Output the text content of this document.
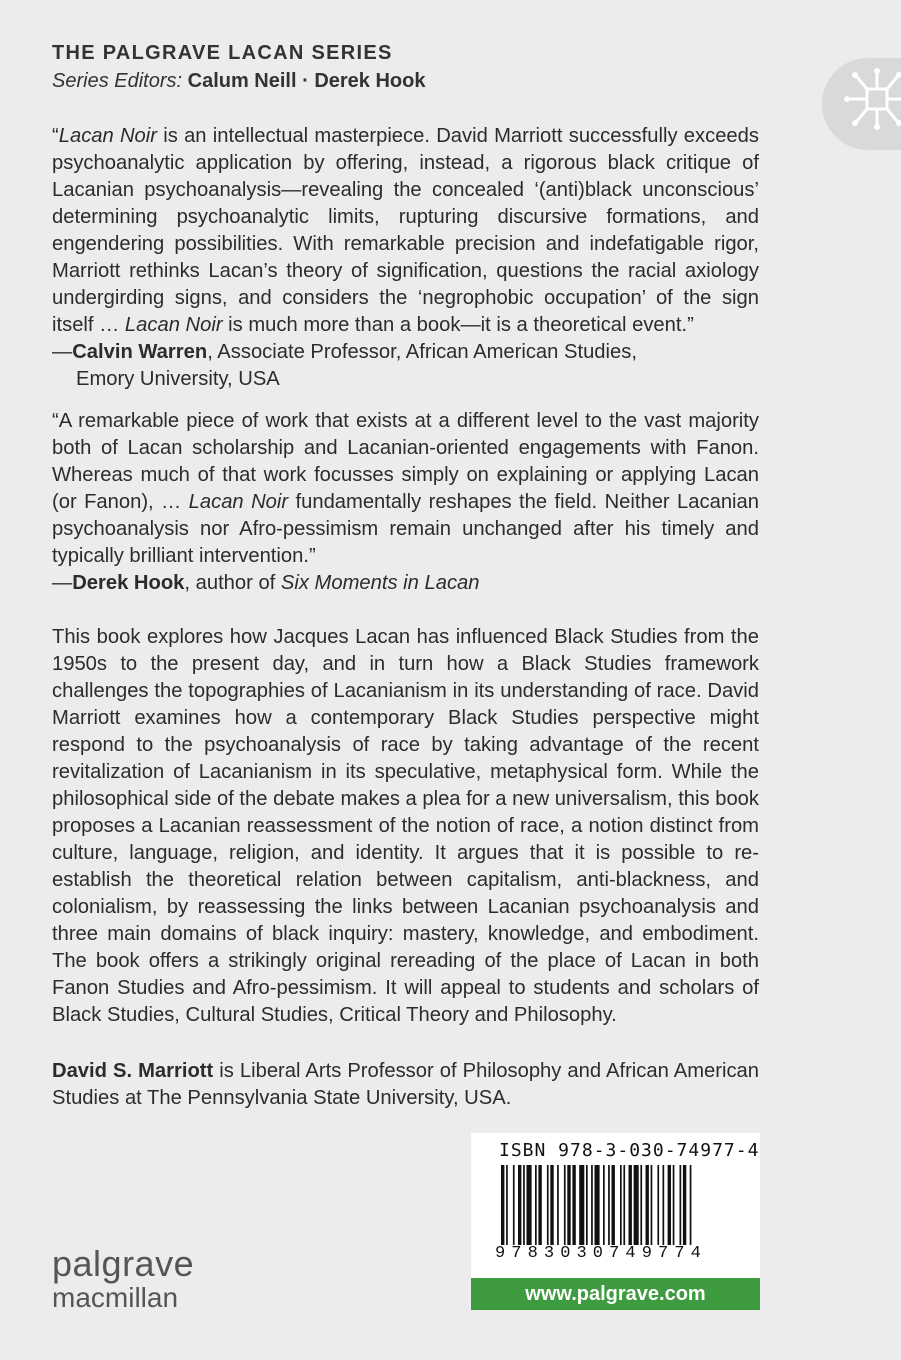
THE PALGRAVE LACAN SERIES
Series Editors: Calum Neill · Derek Hook

“Lacan Noir is an intellectual masterpiece. David Marriott successfully exceeds psychoanalytic application by offering, instead, a rigorous black critique of Lacanian psychoanalysis—revealing the concealed ‘(anti)black unconscious’ determining psychoanalytic limits, rupturing discursive formations, and engendering possibilities. With remarkable precision and indefatigable rigor, Marriott rethinks Lacan’s theory of signification, questions the racial axiology undergirding signs, and considers the ‘negrophobic occupation’ of the sign itself … Lacan Noir is much more than a book—it is a theoretical event.”

—Calvin Warren, Associate Professor, African American Studies,
Emory University, USA

“A remarkable piece of work that exists at a different level to the vast majority both of Lacan scholarship and Lacanian-oriented engagements with Fanon. Whereas much of that work focusses simply on explaining or applying Lacan (or Fanon), … Lacan Noir fundamentally reshapes the field. Neither Lacanian psychoanalysis nor Afro-pessimism remain unchanged after his timely and typically brilliant intervention.”

—Derek Hook, author of Six Moments in Lacan

This book explores how Jacques Lacan has influenced Black Studies from the 1950s to the present day, and in turn how a Black Studies framework challenges the topographies of Lacanianism in its understanding of race. David Marriott examines how a contemporary Black Studies perspective might respond to the psychoanalysis of race by taking advantage of the recent revitalization of Lacanianism in its speculative, metaphysical form. While the philosophical side of the debate makes a plea for a new universalism, this book proposes a Lacanian reassessment of the notion of race, a notion distinct from culture, language, religion, and identity. It argues that it is possible to re-establish the theoretical relation between capitalism, anti-blackness, and colonialism, by reassessing the links between Lacanian psychoanalysis and three main domains of black inquiry: mastery, knowledge, and embodiment. The book offers a strikingly original rereading of the place of Lacan in both Fanon Studies and Afro-pessimism. It will appeal to students and scholars of Black Studies, Cultural Studies, Critical Theory and Philosophy.

David S. Marriott is Liberal Arts Professor of Philosophy and African American Studies at The Pennsylvania State University, USA.

ISBN 978-3-030-74977-4
9783030749774
www.palgrave.com
palgrave
macmillan
